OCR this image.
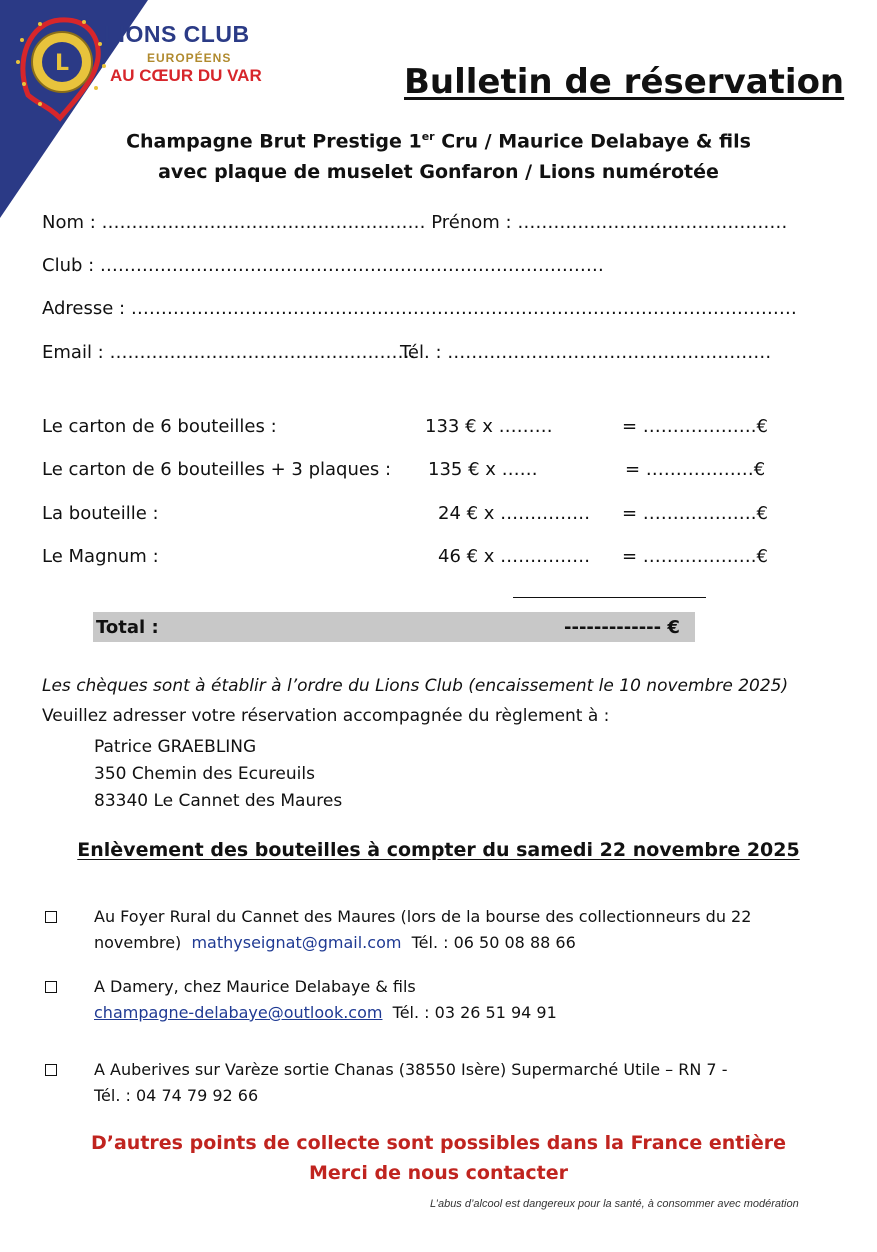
L
LIONS CLUB
EUROPÉENS
AU CŒUR DU VAR	Bulletin de réservation
Champagne Brut Prestige 1er Cru / Maurice Delabaye & fils
avec plaque de muselet Gonfaron / Lions numérotée
Nom : ……………………………………………… Prénom : ………………………………………
Club : …………………………………………………………………………
Adresse : …………………………………………………………………………………………………
Email : ……………………………………………
Tél. : ………………………………………………
Le carton de 6 bouteilles :	133 € x ………	= ……………….€
Le carton de 6 bouteilles + 3 plaques : 135 € x ……	= ………………€
La bouteille :	24 € x …………… = ……………….€
Le Magnum :	46 € x …………… = ……………….€
Total :	------------- €
Les chèques sont à établir à l’ordre du Lions Club (encaissement le 10 novembre 2025)
Veuillez adresser votre réservation accompagnée du règlement à :
Patrice GRAEBLING
350 Chemin des Ecureuils
83340 Le Cannet des Maures
Enlèvement des bouteilles à compter du samedi 22 novembre 2025
Au Foyer Rural du Cannet des Maures (lors de la bourse des collectionneurs du 22
novembre) mathyseignat@gmail.com Tél. : 06 50 08 88 66
A Damery, chez Maurice Delabaye & fils
champagne-delabaye@outlook.com Tél. : 03 26 51 94 91
A Auberives sur Varèze sortie Chanas (38550 Isère) Supermarché Utile – RN 7 -
Tél. : 04 74 79 92 66
D’autres points de collecte sont possibles dans la France entière
Merci de nous contacter
L’abus d’alcool est dangereux pour la santé, à consommer avec modération
